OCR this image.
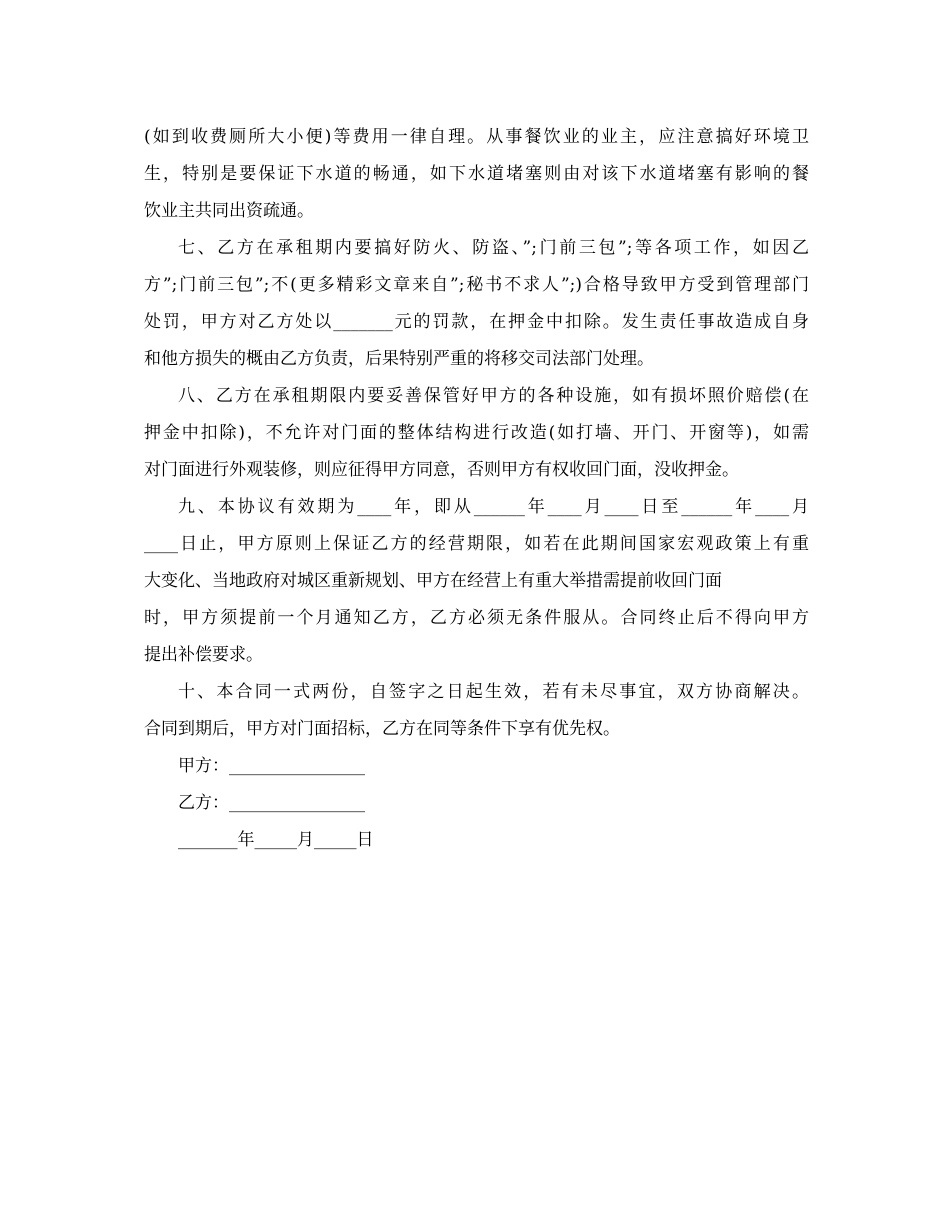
(如到收费厕所大小便)等费用一律自理。从事餐饮业的业主，应注意搞好环境卫
生，特别是要保证下水道的畅通，如下水道堵塞则由对该下水道堵塞有影响的餐
饮业主共同出资疏通。
七、乙方在承租期内要搞好防火、防盗、”;门前三包”;等各项工作，如因乙
方”;门前三包”;不(更多精彩文章来自”;秘书不求人”;)合格导致甲方受到管理部门
处罚，甲方对乙方处以_______元的罚款，在押金中扣除。发生责任事故造成自身
和他方损失的概由乙方负责，后果特别严重的将移交司法部门处理。
八、乙方在承租期限内要妥善保管好甲方的各种设施，如有损坏照价赔偿(在
押金中扣除)，不允许对门面的整体结构进行改造(如打墙、开门、开窗等)，如需
对门面进行外观装修，则应征得甲方同意，否则甲方有权收回门面，没收押金。
九、本协议有效期为____年，即从______年____月____日至______年____月
____日止，甲方原则上保证乙方的经营期限，如若在此期间国家宏观政策上有重
大变化、当地政府对城区重新规划、甲方在经营上有重大举措需提前收回门面
时，甲方须提前一个月通知乙方，乙方必须无条件服从。合同终止后不得向甲方
提出补偿要求。
十、本合同一式两份，自签字之日起生效，若有未尽事宜，双方协商解决。
合同到期后，甲方对门面招标，乙方在同等条件下享有优先权。
甲方：________________
乙方：________________
_______年_____月_____日
